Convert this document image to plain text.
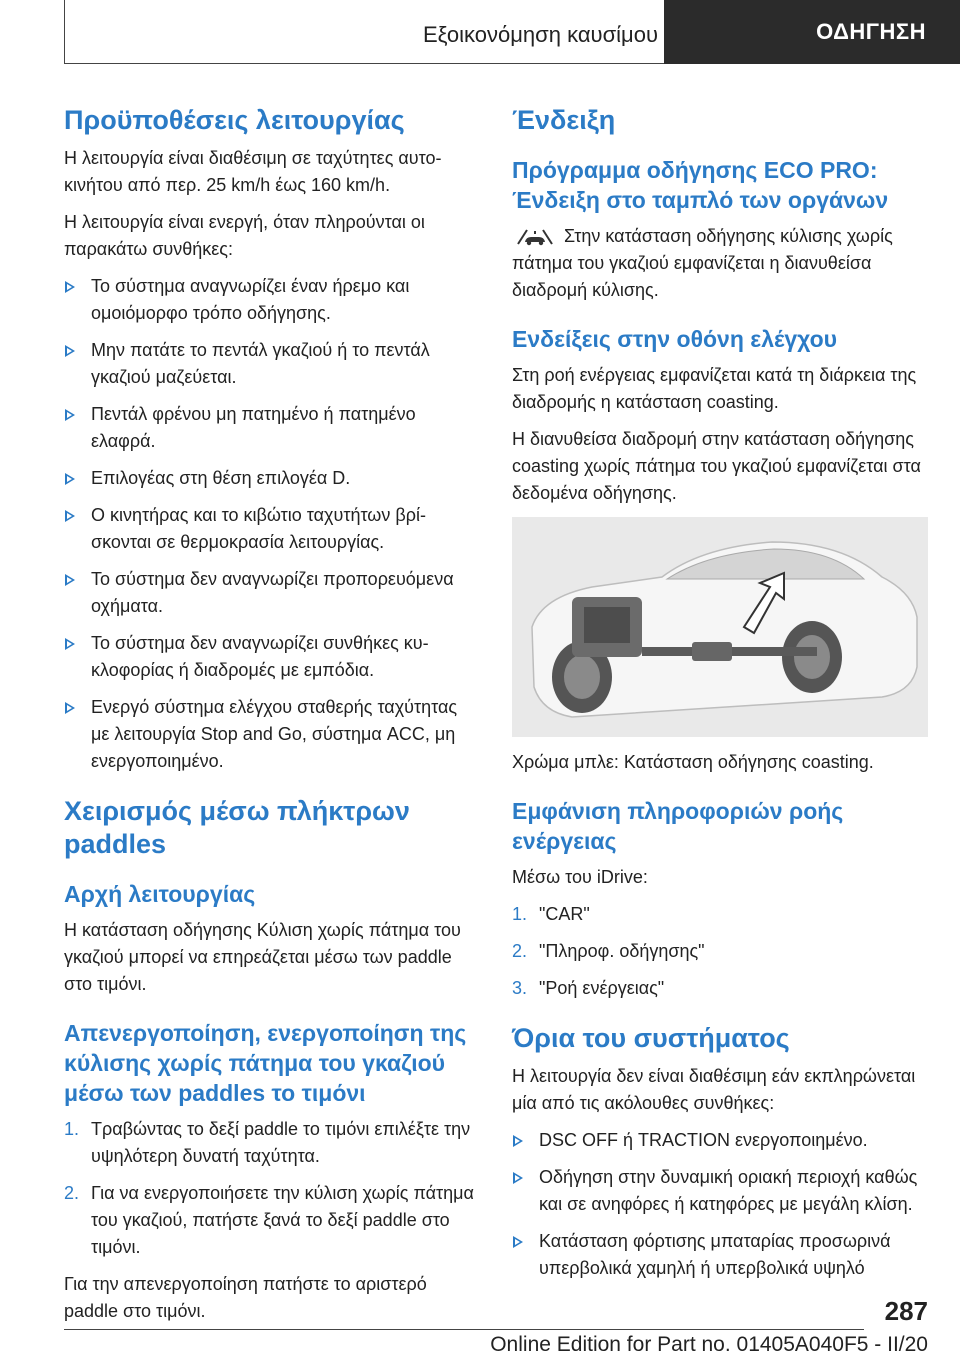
Εξοικονόμηση καυσίμου	ΟΔΗΓΗΣΗ
Προϋποθέσεις λειτουργίας
Η λειτουργία είναι διαθέσιμη σε ταχύτητες αυτοκινήτου από περ. 25 km/h έως 160 km/h.
Η λειτουργία είναι ενεργή, όταν πληρούνται οι παρακάτω συνθήκες:
Το σύστημα αναγνωρίζει έναν ήρεμο και ομοιόμορφο τρόπο οδήγησης.
Μην πατάτε το πεντάλ γκαζιού ή το πεντάλ γκαζιού μαζεύεται.
Πεντάλ φρένου μη πατημένο ή πατημένο ελαφρά.
Επιλογέας στη θέση επιλογέα D.
Ο κινητήρας και το κιβώτιο ταχυτήτων βρίσκονται σε θερμοκρασία λειτουργίας.
Το σύστημα δεν αναγνωρίζει προπορευόμενα οχήματα.
Το σύστημα δεν αναγνωρίζει συνθήκες κυκλοφορίας ή διαδρομές με εμπόδια.
Ενεργό σύστημα ελέγχου σταθερής ταχύτητας με λειτουργία Stop and Go, σύστημα ACC, μη ενεργοποιημένο.
Χειρισμός μέσω πλήκτρων paddles
Αρχή λειτουργίας
Η κατάσταση οδήγησης Κύλιση χωρίς πάτημα του γκαζιού μπορεί να επηρεάζεται μέσω των paddle στο τιμόνι.
Απενεργοποίηση, ενεργοποίηση της κύλισης χωρίς πάτημα του γκαζιού μέσω των paddles το τιμόνι
1. Τραβώντας το δεξί paddle το τιμόνι επιλέξτε την υψηλότερη δυνατή ταχύτητα.
2. Για να ενεργοποιήσετε την κύλιση χωρίς πάτημα του γκαζιού, πατήστε ξανά το δεξί paddle στο τιμόνι.
Για την απενεργοποίηση πατήστε το αριστερό paddle στο τιμόνι.
Ένδειξη
Πρόγραμμα οδήγησης ECO PRO: Ένδειξη στο ταμπλό των οργάνων
Στην κατάσταση οδήγησης κύλισης χωρίς πάτημα του γκαζιού εμφανίζεται η διανυθείσα διαδρομή κύλισης.
Ενδείξεις στην οθόνη ελέγχου
Στη ροή ενέργειας εμφανίζεται κατά τη διάρκεια της διαδρομής η κατάσταση coasting.
Η διανυθείσα διαδρομή στην κατάσταση οδήγησης coasting χωρίς πάτημα του γκαζιού εμφανίζεται στα δεδομένα οδήγησης.
Χρώμα μπλε: Κατάσταση οδήγησης coasting.
Εμφάνιση πληροφοριών ροής ενέργειας
Μέσω του iDrive:
1. "CAR"
2. "Πληροφ. οδήγησης"
3. "Ροή ενέργειας"
Όρια του συστήματος
Η λειτουργία δεν είναι διαθέσιμη εάν εκπληρώνεται μία από τις ακόλουθες συνθήκες:
DSC OFF ή TRACTION ενεργοποιημένο.
Οδήγηση στην δυναμική οριακή περιοχή καθώς και σε ανηφόρες ή κατηφόρες με μεγάλη κλίση.
Κατάσταση φόρτισης μπαταρίας προσωρινά υπερβολικά χαμηλή ή υπερβολικά υψηλό
287
Online Edition for Part no. 01405A040F5 - II/20
